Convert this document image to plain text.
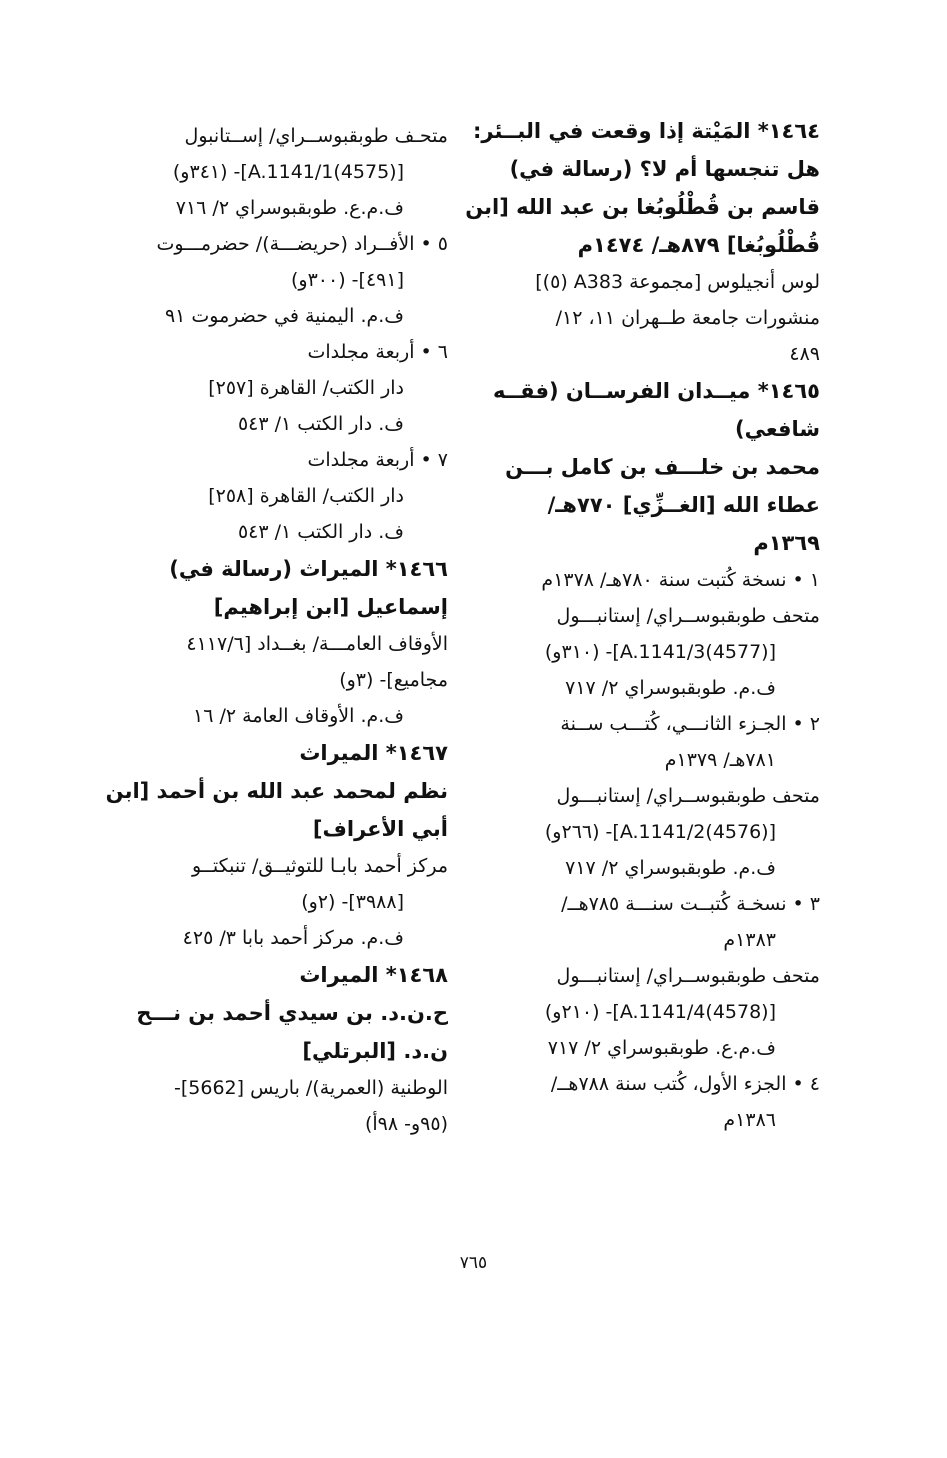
١٤٦٤* المَيْتة إذا وقعت في البــئر:
هل تنجسها أم لا؟ (رسالة في)
قاسم بن قُطْلُوبُغا بن عبد الله [ابن
قُطْلُوبُغا] ٨٧٩هـ/ ١٤٧٤م
لوس أنجيلوس [مجموعة A383 (٥)]
منشورات جامعة طــهران ١١، ١٢/
٤٨٩
١٤٦٥* ميــدان الفرســان (فقــه
شافعي)
محمد بن خلـــف بن كامل بـــن
عطاء الله [الغــزِّي] ٧٧٠هـ/
١٣٦٩م
١ • نسخة كُتبت سنة ٧٨٠هـ/ ١٣٧٨م
متحف طوبقبوســراي/ إستانبـــول
[(4577)A.1141/3]- (٣١٠و)
ف.م. طوبقبوسراي ٢/ ٧١٧
٢ • الجـزء الثانـــي، كُتـــب ســنة
٧٨١هـ/ ١٣٧٩م
متحف طوبقبوســراي/ إستانبـــول
[(4576)A.1141/2]- (٢٦٦و)
ف.م. طوبقبوسراي ٢/ ٧١٧
٣ • نسخـة كُتبــت سنـــة ٧٨٥هــ/
١٣٨٣م
متحف طوبقبوســراي/ إستانبـــول
[(4578)A.1141/4]- (٢١٠و)
ف.م.ع. طوبقبوسراي ٢/ ٧١٧
٤ • الجزء الأول، كُتب سنة ٧٨٨هــ/
١٣٨٦م
متحـف طوبقبوســراي/ إســتانبول
[(4575)A.1141/1]- (٣٤١و)
ف.م.ع. طوبقبوسراي ٢/ ٧١٦
٥ • الأفــراد (حريضـــة)/ حضرمـــوت
[٤٩١]- (٣٠٠و)
ف.م. اليمنية في حضرموت ٩١
٦ • أربعة مجلدات
دار الكتب/ القاهرة [٢٥٧]
ف. دار الكتب ١/ ٥٤٣
٧ • أربعة مجلدات
دار الكتب/ القاهرة [٢٥٨]
ف. دار الكتب ١/ ٥٤٣
١٤٦٦* الميراث (رسالة في)
إسماعيل [ابن إبراهيم]
الأوقاف العامـــة/ بغــداد [٤١١٧/٦
مجاميع]- (٣و)
ف.م. الأوقاف العامة ٢/ ١٦
١٤٦٧* الميراث
نظم لمحمد عبد الله بن أحمد [ابن
أبي الأعراف]
مركز أحمد بابـا للتوثيــق/ تنبكتــو
[٣٩٨٨]- (٢و)
ف.م. مركز أحمد بابا ٣/ ٤٢٥
١٤٦٨* الميراث
ح.ن.د. بن سيدي أحمد بن نـــح
ن.د. [البرتلي]
الوطنية (العمرية)/ باريس [5662]-
(٩٥و- ٩٨أ)
٧٦٥
